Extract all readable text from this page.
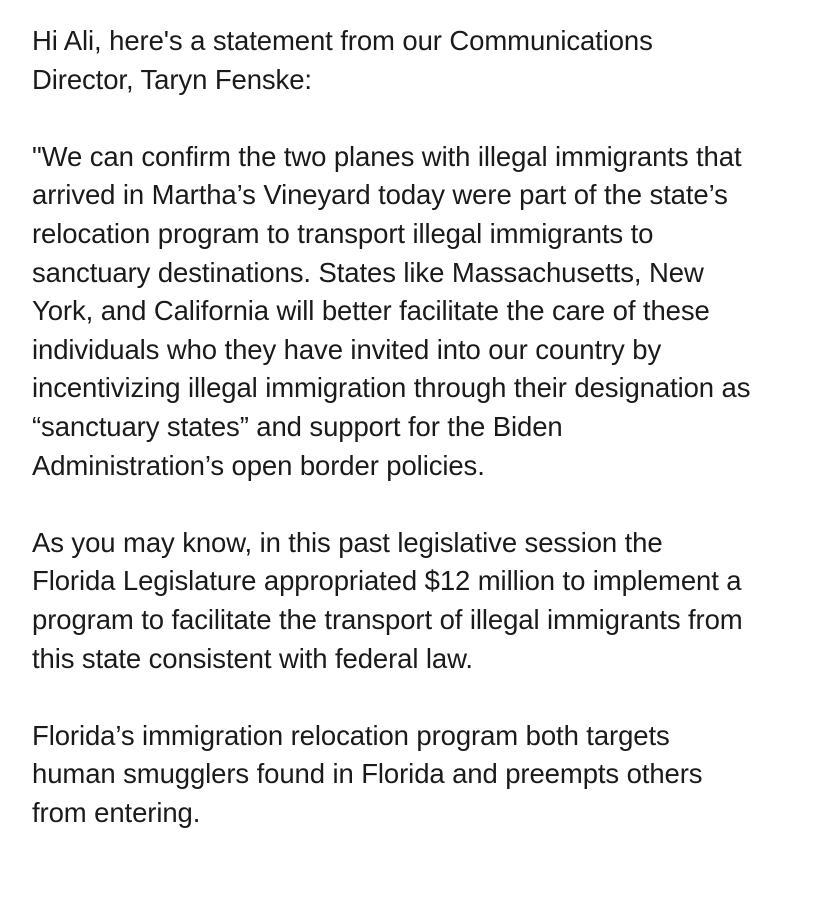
Hi Ali, here's a statement from our Communications
Director, Taryn Fenske:

"We can confirm the two planes with illegal immigrants that
arrived in Martha’s Vineyard today were part of the state’s
relocation program to transport illegal immigrants to
sanctuary destinations. States like Massachusetts, New
York, and California will better facilitate the care of these
individuals who they have invited into our country by
incentivizing illegal immigration through their designation as
“sanctuary states” and support for the Biden
Administration’s open border policies.

As you may know, in this past legislative session the
Florida Legislature appropriated $12 million to implement a
program to facilitate the transport of illegal immigrants from
this state consistent with federal law.

Florida’s immigration relocation program both targets
human smugglers found in Florida and preempts others
from entering.
